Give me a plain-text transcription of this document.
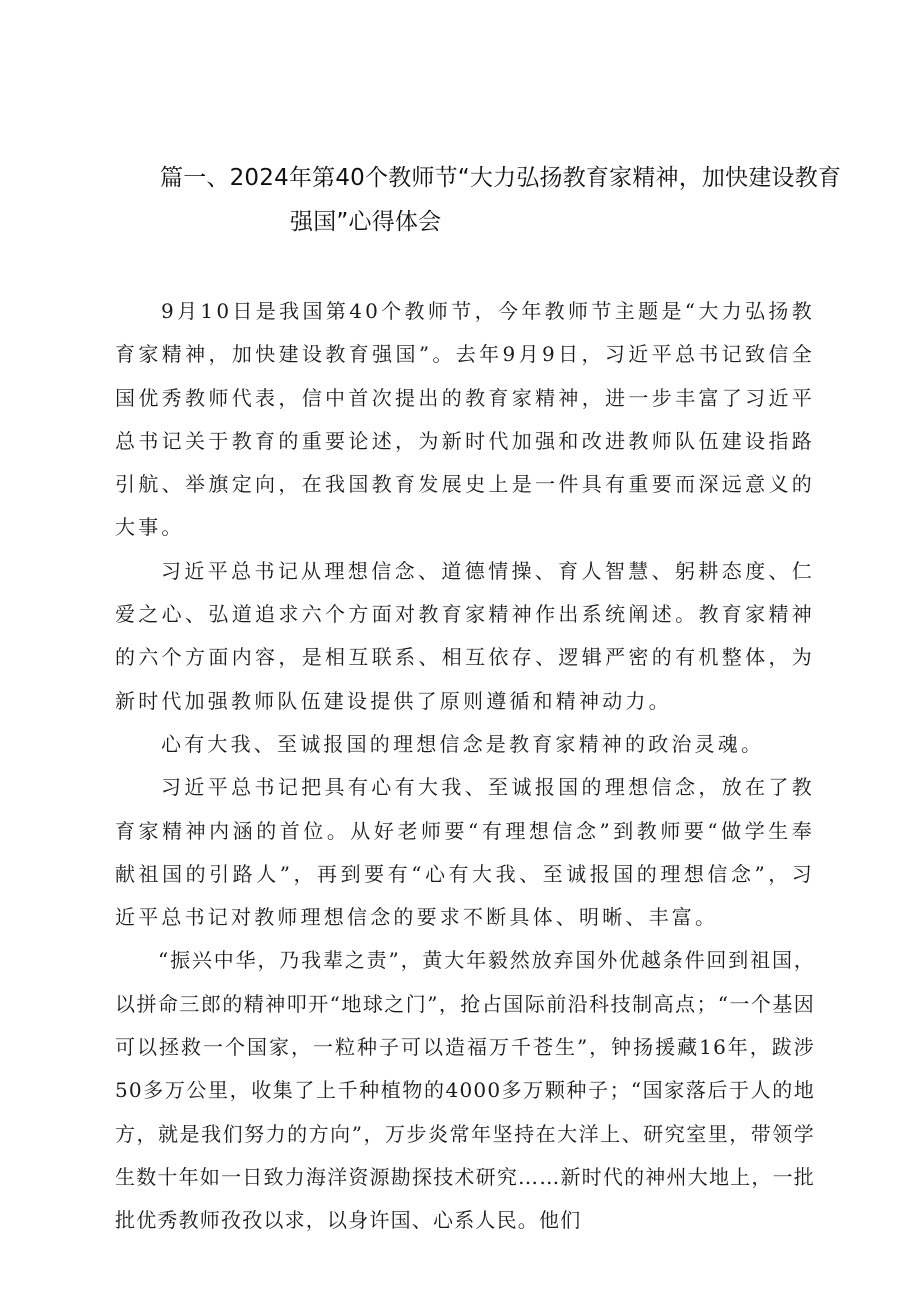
篇一、2024年第40个教师节“大力弘扬教育家精神，加快建设教育
强国”心得体会

9月10日是我国第40个教师节，今年教师节主题是“大力弘扬教育家精神，加快建设教育强国”。去年9月9日，习近平总书记致信全国优秀教师代表，信中首次提出的教育家精神，进一步丰富了习近平总书记关于教育的重要论述，为新时代加强和改进教师队伍建设指路引航、举旗定向，在我国教育发展史上是一件具有重要而深远意义的大事。

习近平总书记从理想信念、道德情操、育人智慧、躬耕态度、仁爱之心、弘道追求六个方面对教育家精神作出系统阐述。教育家精神的六个方面内容，是相互联系、相互依存、逻辑严密的有机整体，为新时代加强教师队伍建设提供了原则遵循和精神动力。

心有大我、至诚报国的理想信念是教育家精神的政治灵魂。

习近平总书记把具有心有大我、至诚报国的理想信念，放在了教育家精神内涵的首位。从好老师要“有理想信念”到教师要“做学生奉献祖国的引路人”，再到要有“心有大我、至诚报国的理想信念”，习近平总书记对教师理想信念的要求不断具体、明晰、丰富。

“振兴中华，乃我辈之责”，黄大年毅然放弃国外优越条件回到祖国，以拼命三郎的精神叩开“地球之门”，抢占国际前沿科技制高点；“一个基因可以拯救一个国家，一粒种子可以造福万千苍生”，钟扬援藏16年，跋涉50多万公里，收集了上千种植物的4000多万颗种子；“国家落后于人的地方，就是我们努力的方向”，万步炎常年坚持在大洋上、研究室里，带领学生数十年如一日致力海洋资源勘探技术研究……新时代的神州大地上，一批批优秀教师孜孜以求，以身许国、心系人民。他们
